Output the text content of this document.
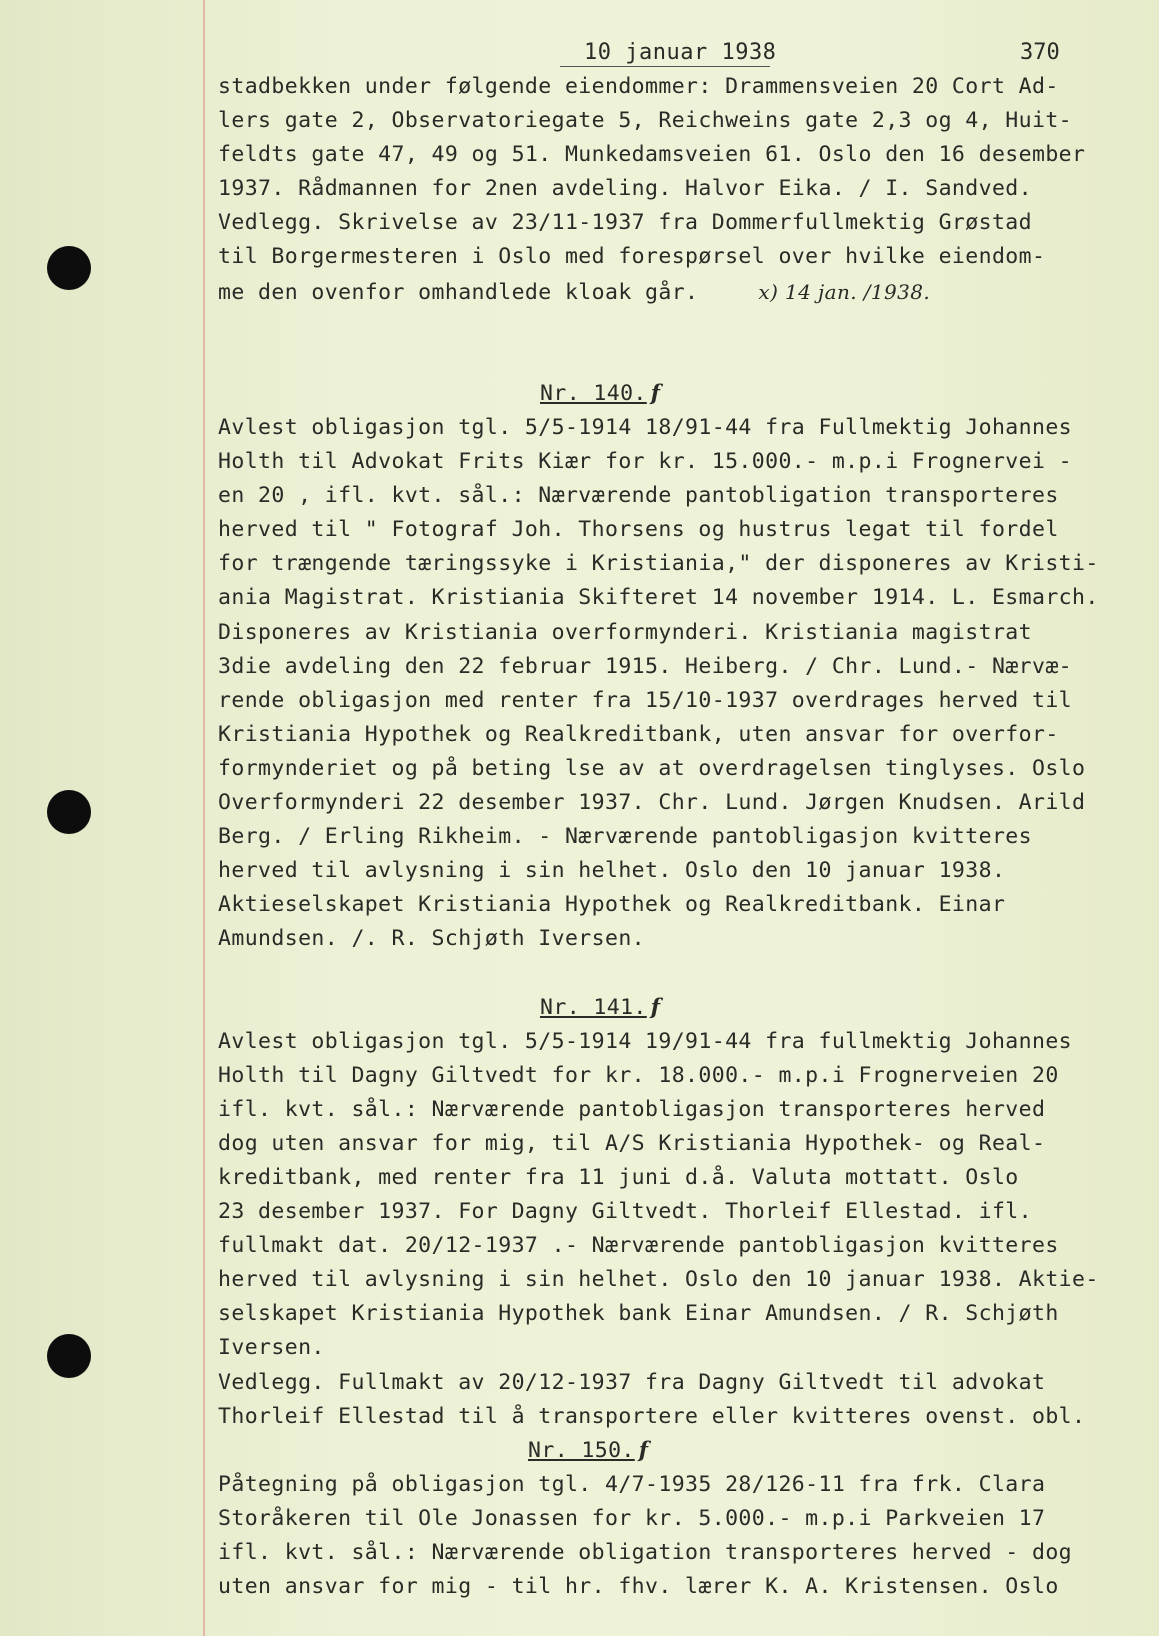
10 januar 1938	370
stadbekken under følgende eiendommer: Drammensveien 20 Cort Ad-
lers gate 2, Observatoriegate 5, Reichweins gate 2,3 og 4, Huit-
feldts gate 47, 49 og 51. Munkedamsveien 61. Oslo den 16 desember
1937. Rådmannen for 2nen avdeling. Halvor Eika. / I. Sandved.
Vedlegg. Skrivelse av 23/11-1937 fra Dommerfullmektig Grøstad
til Borgermesteren i Oslo med forespørsel over hvilke eiendom-
me den ovenfor omhandlede kloak går.	x) 14 jan. /1938.
Nr. 140. f
Avlest obligasjon tgl. 5/5-1914 18/91-44 fra Fullmektig Johannes
Holth til Advokat Frits Kiær for kr. 15.000.- m.p.i Frognervei -
en 20 , ifl. kvt. sål.: Nærværende pantobligation transporteres
herved til " Fotograf Joh. Thorsens og hustrus legat til fordel
for trængende tæringssyke i Kristiania," der disponeres av Kristi-
ania Magistrat. Kristiania Skifteret 14 november 1914. L. Esmarch.
Disponeres av Kristiania overformynderi. Kristiania magistrat
3die avdeling den 22 februar 1915. Heiberg. / Chr. Lund.- Nærvæ-
rende obligasjon med renter fra 15/10-1937 overdrages herved til
Kristiania Hypothek og Realkreditbank, uten ansvar for overfor-
formynderiet og på beting lse av at overdragelsen tinglyses. Oslo
Overformynderi 22 desember 1937. Chr. Lund. Jørgen Knudsen. Arild
Berg. / Erling Rikheim. - Nærværende pantobligasjon kvitteres
herved til avlysning i sin helhet. Oslo den 10 januar 1938.
Aktieselskapet Kristiania Hypothek og Realkreditbank. Einar
Amundsen. /. R. Schjøth Iversen.
Nr. 141. f
Avlest obligasjon tgl. 5/5-1914 19/91-44 fra fullmektig Johannes
Holth til Dagny Giltvedt for kr. 18.000.- m.p.i Frognerveien 20
ifl. kvt. sål.: Nærværende pantobligasjon transporteres herved
dog uten ansvar for mig, til A/S Kristiania Hypothek- og Real-
kreditbank, med renter fra 11 juni d.å. Valuta mottatt. Oslo
23 desember 1937. For Dagny Giltvedt. Thorleif Ellestad. ifl.
fullmakt dat. 20/12-1937 .- Nærværende pantobligasjon kvitteres
herved til avlysning i sin helhet. Oslo den 10 januar 1938. Aktie-
selskapet Kristiania Hypothek bank Einar Amundsen. / R. Schjøth
Iversen.
Vedlegg. Fullmakt av 20/12-1937 fra Dagny Giltvedt til advokat
Thorleif Ellestad til å transportere eller kvitteres ovenst. obl.
Nr. 150. f
Påtegning på obligasjon tgl. 4/7-1935 28/126-11 fra frk. Clara
Storåkeren til Ole Jonassen for kr. 5.000.- m.p.i Parkveien 17
ifl. kvt. sål.: Nærværende obligation transporteres herved - dog
uten ansvar for mig - til hr. fhv. lærer K. A. Kristensen. Oslo
